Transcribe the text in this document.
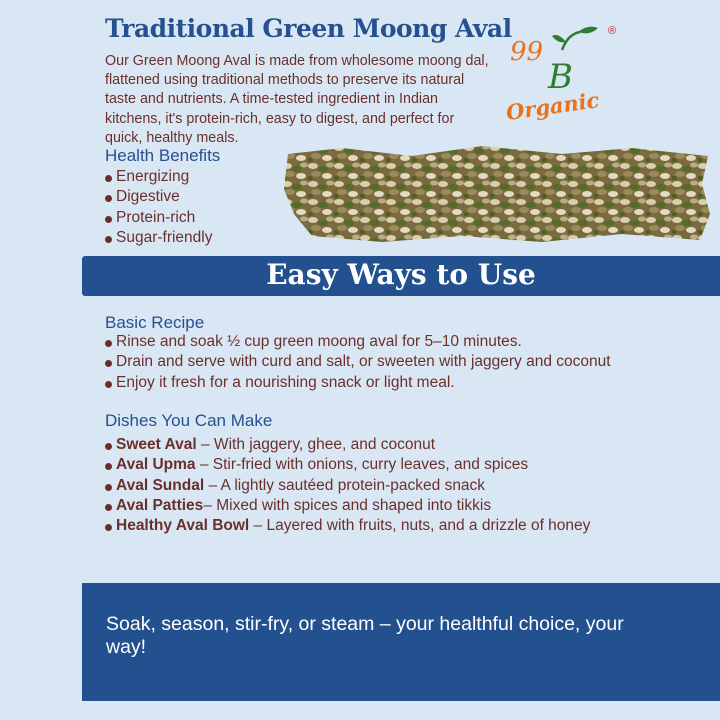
Traditional Green Moong Aval

Our Green Moong Aval is made from wholesome moong dal, flattened using traditional methods to preserve its natural taste and nutrients. A time-tested ingredient in Indian kitchens, it's protein-rich, easy to digest, and perfect for quick, healthy meals.

99
B
®
Organic
Health Benefits
Energizing
Digestive
Protein-rich
Sugar-friendly
Easy Ways to Use
Basic Recipe
Rinse and soak ½ cup green moong aval for 5–10 minutes.
Drain and serve with curd and salt, or sweeten with jaggery and coconut
Enjoy it fresh for a nourishing snack or light meal.
Dishes You Can Make
Sweet Aval – With jaggery, ghee, and coconut
Aval Upma – Stir-fried with onions, curry leaves, and spices
Aval Sundal – A lightly sautéed protein-packed snack
Aval Patties– Mixed with spices and shaped into tikkis
Healthy Aval Bowl – Layered with fruits, nuts, and a drizzle of honey

Soak, season, stir-fry, or steam – your healthful choice, your way!
